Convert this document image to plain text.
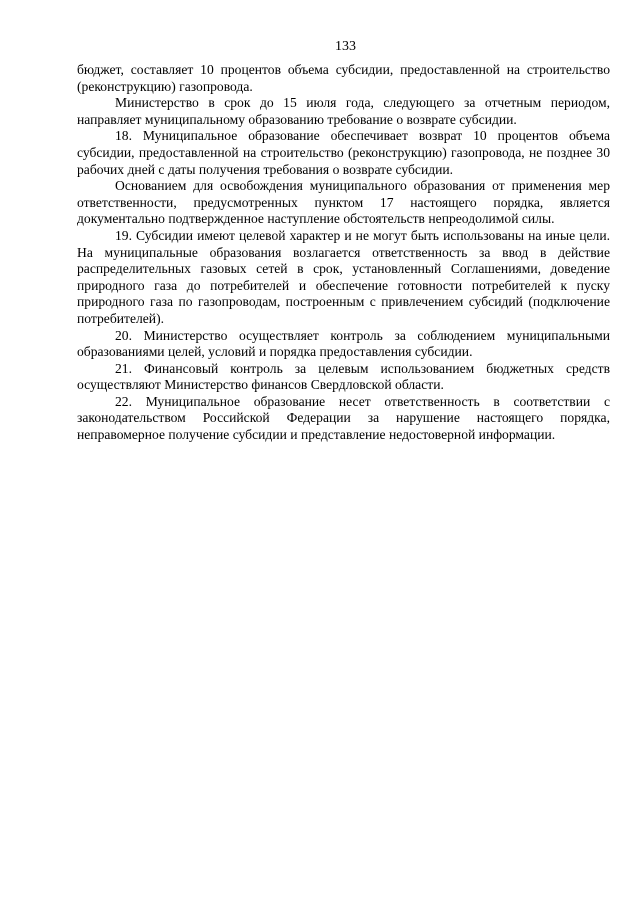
133

бюджет, составляет 10 процентов объема субсидии, предоставленной на строительство (реконструкцию) газопровода.

Министерство в срок до 15 июля года, следующего за отчетным периодом, направляет муниципальному образованию требование о возврате субсидии.

18. Муниципальное образование обеспечивает возврат 10 процентов объема субсидии, предоставленной на строительство (реконструкцию) газопровода, не позднее 30 рабочих дней с даты получения требования о возврате субсидии.

Основанием для освобождения муниципального образования от применения мер ответственности, предусмотренных пунктом 17 настоящего порядка, является документально подтвержденное наступление обстоятельств непреодолимой силы.

19. Субсидии имеют целевой характер и не могут быть использованы на иные цели. На муниципальные образования возлагается ответственность за ввод в действие распределительных газовых сетей в срок, установленный Соглашениями, доведение природного газа до потребителей и обеспечение готовности потребителей к пуску природного газа по газопроводам, построенным с привлечением субсидий (подключение потребителей).

20. Министерство осуществляет контроль за соблюдением муниципальными образованиями целей, условий и порядка предоставления субсидии.

21. Финансовый контроль за целевым использованием бюджетных средств осуществляют Министерство финансов Свердловской области.

22. Муниципальное образование несет ответственность в соответствии с законодательством Российской Федерации за нарушение настоящего порядка, неправомерное получение субсидии и представление недостоверной информации.
